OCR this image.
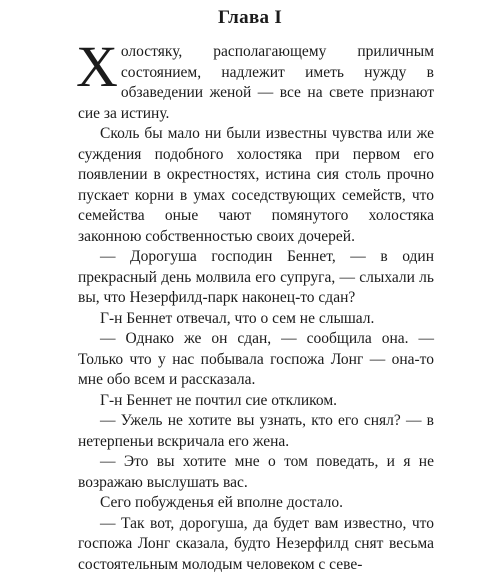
Глава I

Холостяку, располагающему приличным состоянием, надлежит иметь нужду в обзаведении женой — все на свете признают сие за истину.

Сколь бы мало ни были известны чувства или же суждения подобного холостяка при первом его появлении в окрестностях, истина сия столь прочно пускает корни в умах соседствующих семейств, что семейства оные чают помянутого холостяка законною собственностью своих дочерей.

— Дорогуша господин Беннет, — в один прекрасный день молвила его супруга, — слыхали ль вы, что Незерфилд-парк наконец-то сдан?

Г-н Беннет отвечал, что о сем не слышал.

— Однако же он сдан, — сообщила она. — Только что у нас побывала госпожа Лонг — она-то мне обо всем и рассказала.

Г-н Беннет не почтил сие откликом.

— Ужель не хотите вы узнать, кто его снял? — в нетерпеньи вскричала его жена.

— Это вы хотите мне о том поведать, и я не возражаю выслушать вас.

Сего побужденья ей вполне достало.

— Так вот, дорогуша, да будет вам известно, что госпожа Лонг сказала, будто Незерфилд снят весьма состоятельным молодым человеком с севе-
